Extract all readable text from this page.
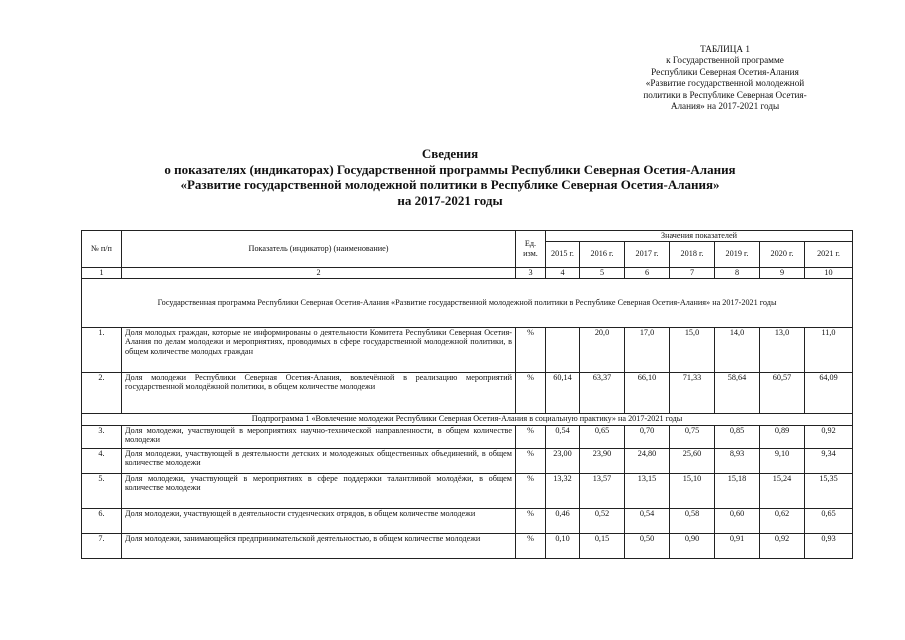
ТАБЛИЦА 1
к Государственной программе
Республики Северная Осетия-Алания
«Развитие государственной молодежной
политики в Республике Северная Осетия-
Алания» на 2017-2021 годы
Сведения
о показателях (индикаторах) Государственной программы Республики Северная Осетия-Алания
«Развитие государственной молодежной политики в Республике Северная Осетия-Алания»
на 2017-2021 годы
№ п/п	Показатель (индикатор) (наименование)	Ед. изм.	Значения показателей						
			2015 г.	2016 г.	2017 г.	2018 г.	2019 г.	2020 г.	2021 г.
1	2	3	4	5	6	7	8	9	10
Государственная программа Республики Северная Осетия-Алания «Развитие государственной молодежной политики в Республике Северная Осетия-Алания» на 2017-2021 годы									
1.	Доля молодых граждан, которые не информированы о деятельности Комитета Республики Северная Осетия-Алания по делам молодежи и мероприятиях, проводимых в сфере государственной молодежной политики, в общем количестве молодых граждан	%		20,0	17,0	15,0	14,0	13,0	11,0
2.	Доля молодежи Республики Северная Осетия-Алания, вовлечённой в реализацию мероприятий государственной молодёжной политики, в общем количестве молодежи	%	60,14	63,37	66,10	71,33	58,64	60,57	64,09
Подпрограмма 1 «Вовлечение молодежи Республики Северная Осетия-Алания в социальную практику» на 2017-2021 годы									
3.	Доля молодежи, участвующей в мероприятиях научно-технической направленности, в общем количестве молодежи	%	0,54	0,65	0,70	0,75	0,85	0,89	0,92
4.	Доля молодежи, участвующей в деятельности детских и молодежных общественных объединений, в общем количестве молодежи	%	23,00	23,90	24,80	25,60	8,93	9,10	9,34
5.	Доля молодежи, участвующей в мероприятиях в сфере поддержки талантливой молодёжи, в общем количестве молодежи	%	13,32	13,57	13,15	15,10	15,18	15,24	15,35
6.	Доля молодежи, участвующей в деятельности студенческих отрядов, в общем количестве молодежи	%	0,46	0,52	0,54	0,58	0,60	0,62	0,65
7.	Доля молодежи, занимающейся предпринимательской деятельностью, в общем количестве молодежи	%	0,10	0,15	0,50	0,90	0,91	0,92	0,93
